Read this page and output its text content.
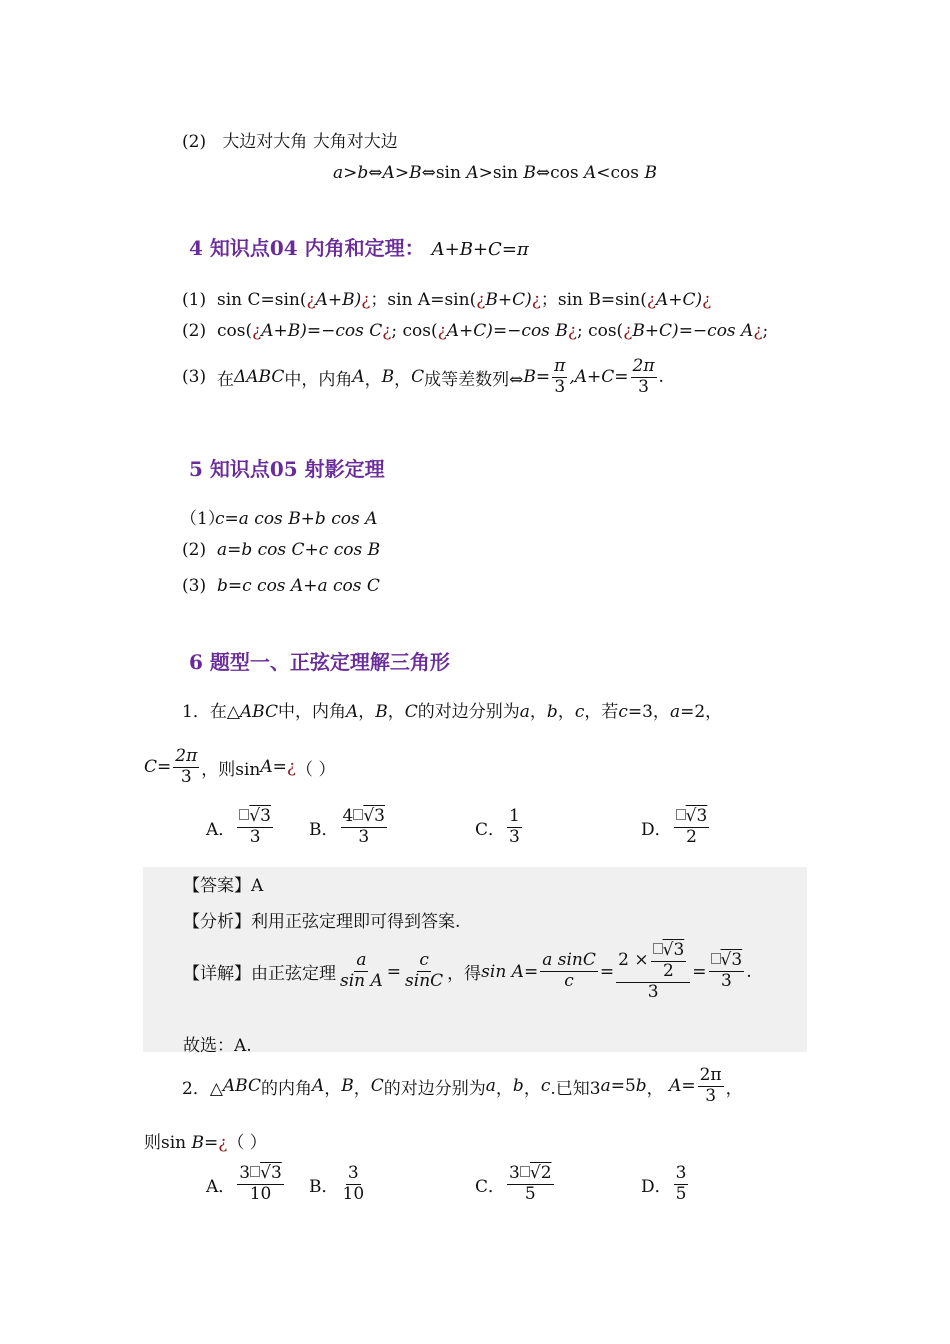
(2) 大边对大角 大角对大边
a>b⇔A>B⇔sin A>sin B⇔cos A<cos B
4 知识点04 内角和定理： A+B+C=π
(1) sin C=sin(¿A+B)¿；sin A=sin(¿B+C)¿；sin B=sin(¿A+C)¿
(2) cos(¿A+B)=−cos C¿; cos(¿A+C)=−cos B¿; cos(¿B+C)=−cos A¿;
(3) 在 ΔABC 中，内角 A ， B ， C 成等差数列⇔ $B= \frac{\pi}{3} ,A+C= \frac{2\pi}{3}$ .
5 知识点05 射影定理
（1）c=a cos B+b cos A
(2) a=b cos C+c cos B
(3) b=c cos A+a cos C
6 题型一、正弦定理解三角形
1．在△ABC中，内角A，B，C的对边分别为a，b，c，若c=3，a=2，
$C= \frac{2\pi}{3}$ ，则sin A= ¿ （ ）
A． $\frac{√3}{3}$ B． $\frac{4 √3}{3}$	C． $\frac{1}{3}$	D． $\frac{√3}{2}$
【答案】A
【分析】利用正弦定理即可得到答案.
【详解】由正弦定理 $\frac{a}{\text{sin A}} = \frac{c}{\sin C}$ ，得 $\sin A= \frac{\text{a sinC}}{c} = \frac{2 \times \frac{√3}{2}}{3} = \frac{√3}{3}$ .
故选：A.
2．△ ABC 的内角 A ， B ， C 的对边分别为 a ， b ， c .已知3 a =5 b ，
$A= \frac{2\pi}{3}$ ，
则sin B=¿（ ）
A． $\frac{3 √3}{10}$ B． $\frac{3}{10}$	C． $\frac{3 √2}{5}$	D． $\frac{3}{5}$
